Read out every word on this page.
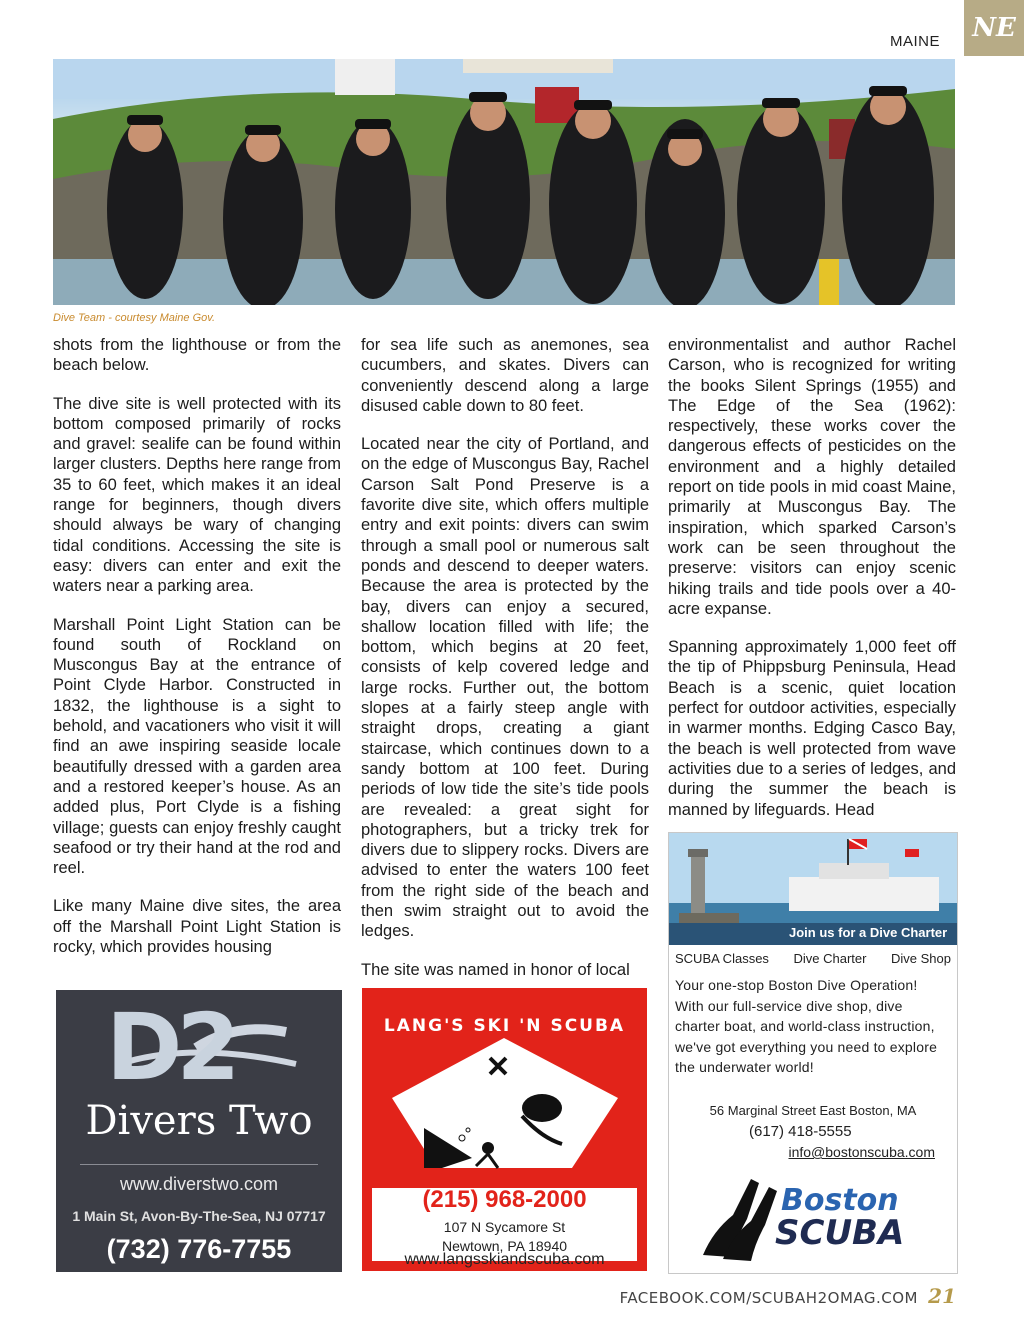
MAINE	NE
Dive Team - courtesy Maine Gov.

shots from the lighthouse or from the beach below.

The dive site is well protected with its bottom composed primarily of rocks and gravel: sealife can be found within larger clusters. Depths here range from 35 to 60 feet, which makes it an ideal range for beginners, though divers should always be wary of changing tidal conditions. Accessing the site is easy: divers can enter and exit the waters near a parking area.

Marshall Point Light Station can be found south of Rockland on Muscongus Bay at the entrance of Point Clyde Harbor. Constructed in 1832, the lighthouse is a sight to behold, and vacationers who visit it will find an awe inspiring seaside locale beautifully dressed with a garden area and a restored keeper’s house. As an added plus, Port Clyde is a fishing village; guests can enjoy freshly caught seafood or try their hand at the rod and reel.

Like many Maine dive sites, the area off the Marshall Point Light Station is rocky, which provides housing

for sea life such as anemones, sea cucumbers, and skates. Divers can conveniently descend along a large disused cable down to 80 feet.

Located near the city of Portland, and on the edge of Muscongus Bay, Rachel Carson Salt Pond Preserve is a favorite dive site, which offers multiple entry and exit points: divers can swim through a small pool or numerous salt ponds and descend to deeper waters. Because the area is protected by the bay, divers can enjoy a secured, shallow location filled with life; the bottom, which begins at 20 feet, consists of kelp covered ledge and large rocks. Further out, the bottom slopes at a fairly steep angle with straight drops, creating a giant staircase, which continues down to a sandy bottom at 100 feet. During periods of low tide the site’s tide pools are revealed: a great sight for photographers, but a tricky trek for divers due to slippery rocks. Divers are advised to enter the waters 100 feet from the right side of the beach and then swim straight out to avoid the ledges.

The site was named in honor of local

environmentalist and author Rachel Carson, who is recognized for writing the books Silent Springs (1955) and The Edge of the Sea (1962): respectively, these works cover the dangerous effects of pesticides on the environment and a highly detailed report on tide pools in mid coast Maine, primarily at Muscongus Bay. The inspiration, which sparked Carson’s work can be seen throughout the preserve: visitors can enjoy scenic hiking trails and tide pools over a 40-acre expanse.

Spanning approximately 1,000 feet off the tip of Phippsburg Peninsula, Head Beach is a scenic, quiet location perfect for outdoor activities, especially in warmer months. Edging Casco Bay, the beach is well protected from wave activities due to a series of ledges, and during the summer the beach is manned by lifeguards. Head

Join us for a Dive Charter
SCUBA Classes Dive Charter Dive Shop
Your one-stop Boston Dive Operation! With our full-service dive shop, dive charter boat, and world-class instruction, we've got everything you need to explore the underwater world!
56 Marginal Street East Boston, MA
(617) 418-5555
info@bostonscuba.com
Boston
SCUBA
D2
Divers Two
www.diverstwo.com
1 Main St, Avon-By-The-Sea, NJ 07717
(732) 776-7755
LANG'S SKI 'N SCUBA
(215) 968-2000
107 N Sycamore St
Newtown, PA 18940
www.langsskiandscuba.com
FACEBOOK.COM/SCUBAH2OMAG.COM 21
